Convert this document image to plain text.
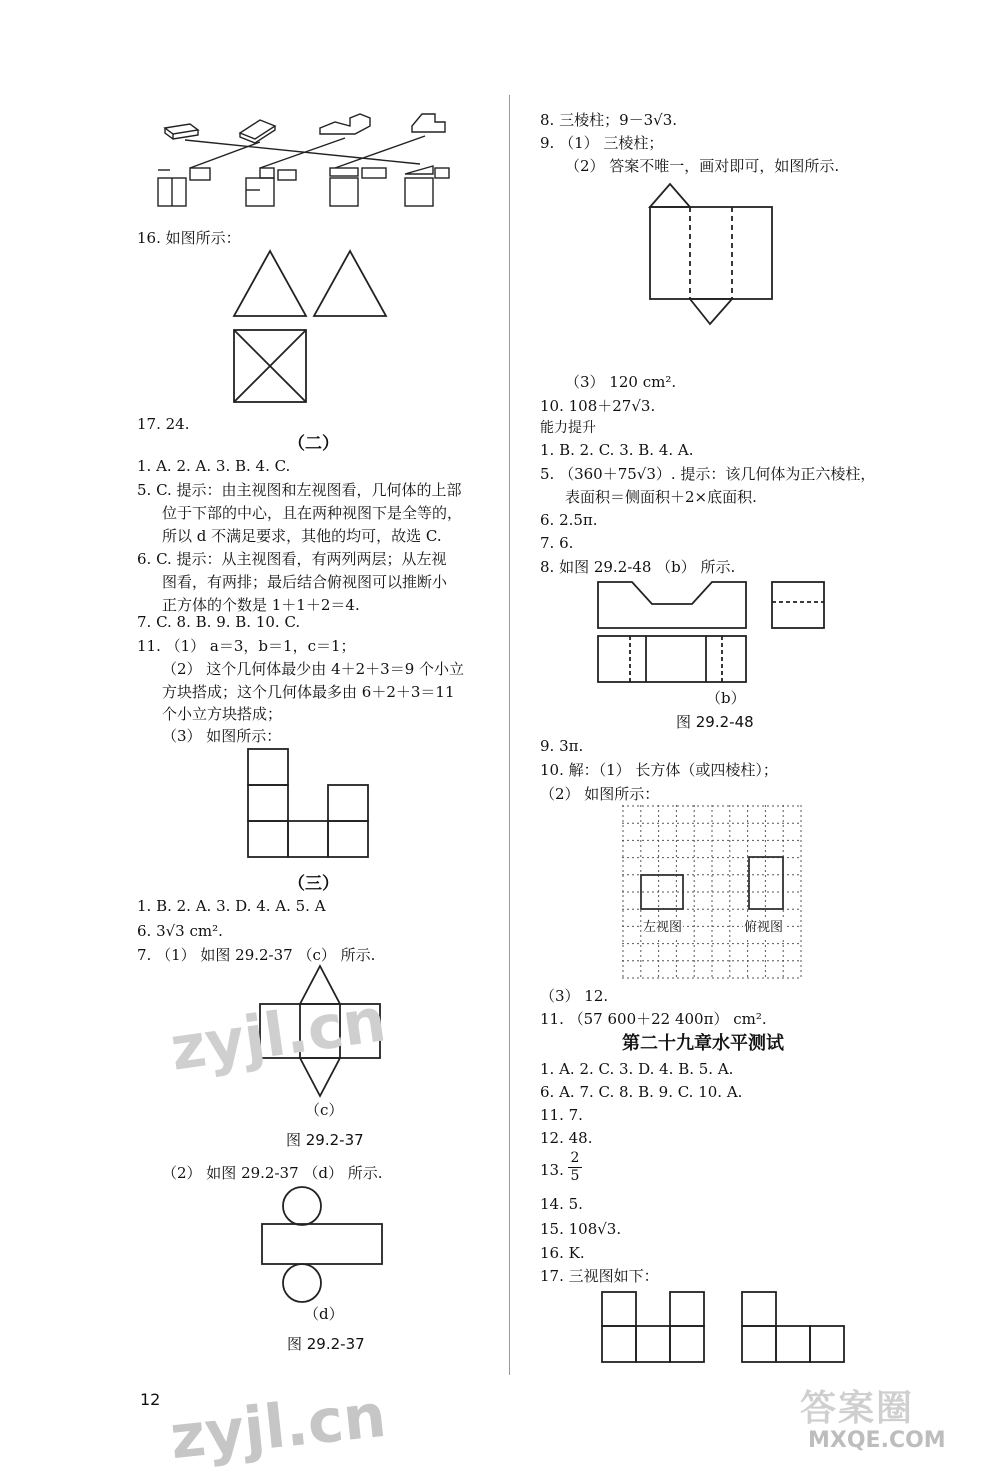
16. 如图所示：
17. 24.
（二）
1. A. 2. A. 3. B. 4. C.
5. C. 提示：由主视图和左视图看，几何体的上部
位于下部的中心，且在两种视图下是全等的，
所以 d 不满足要求，其他的均可，故选 C.
6. C. 提示：从主视图看，有两列两层；从左视
图看，有两排；最后结合俯视图可以推断小
正方体的个数是 1＋1＋2＝4.
7. C. 8. B. 9. B. 10. C.
11. （1） a＝3，b＝1，c＝1；
（2） 这个几何体最少由 4＋2＋3＝9 个小立
方块搭成；这个几何体最多由 6＋2＋3＝11
个小立方块搭成；
（3） 如图所示：
（三）
1. B. 2. A. 3. D. 4. A. 5. A
6. 3√3 cm².
7. （1） 如图 29.2-37 （c） 所示.
（c）
图 29.2-37
（2） 如图 29.2-37 （d） 所示.
（d）
图 29.2-37
12
8. 三棱柱；9－3√3.
9. （1） 三棱柱；
（2） 答案不唯一，画对即可，如图所示.
（3） 120 cm².
10. 108＋27√3.
能力提升
1. B. 2. C. 3. B. 4. A.
5. （360＋75√3）. 提示：该几何体为正六棱柱，
表面积＝侧面积＋2×底面积.
6. 2.5π.
7. 6.
8. 如图 29.2-48 （b） 所示.
（b）
图 29.2-48
9. 3π.
10. 解：（1） 长方体（或四棱柱）；
（2） 如图所示：
左视图	俯视图
（3） 12.
11. （57 600＋22 400π） cm².
第二十九章水平测试
1. A. 2. C. 3. D. 4. B. 5. A.
6. A. 7. C. 8. B. 9. C. 10. A.
11. 7.
12. 48.
13. $\frac{2}{5}$
14. 5.
15. 108√3.
16. K.
17. 三视图如下：
zyjl.cn
zyjl.cn	答案圈
MXQE.COM
